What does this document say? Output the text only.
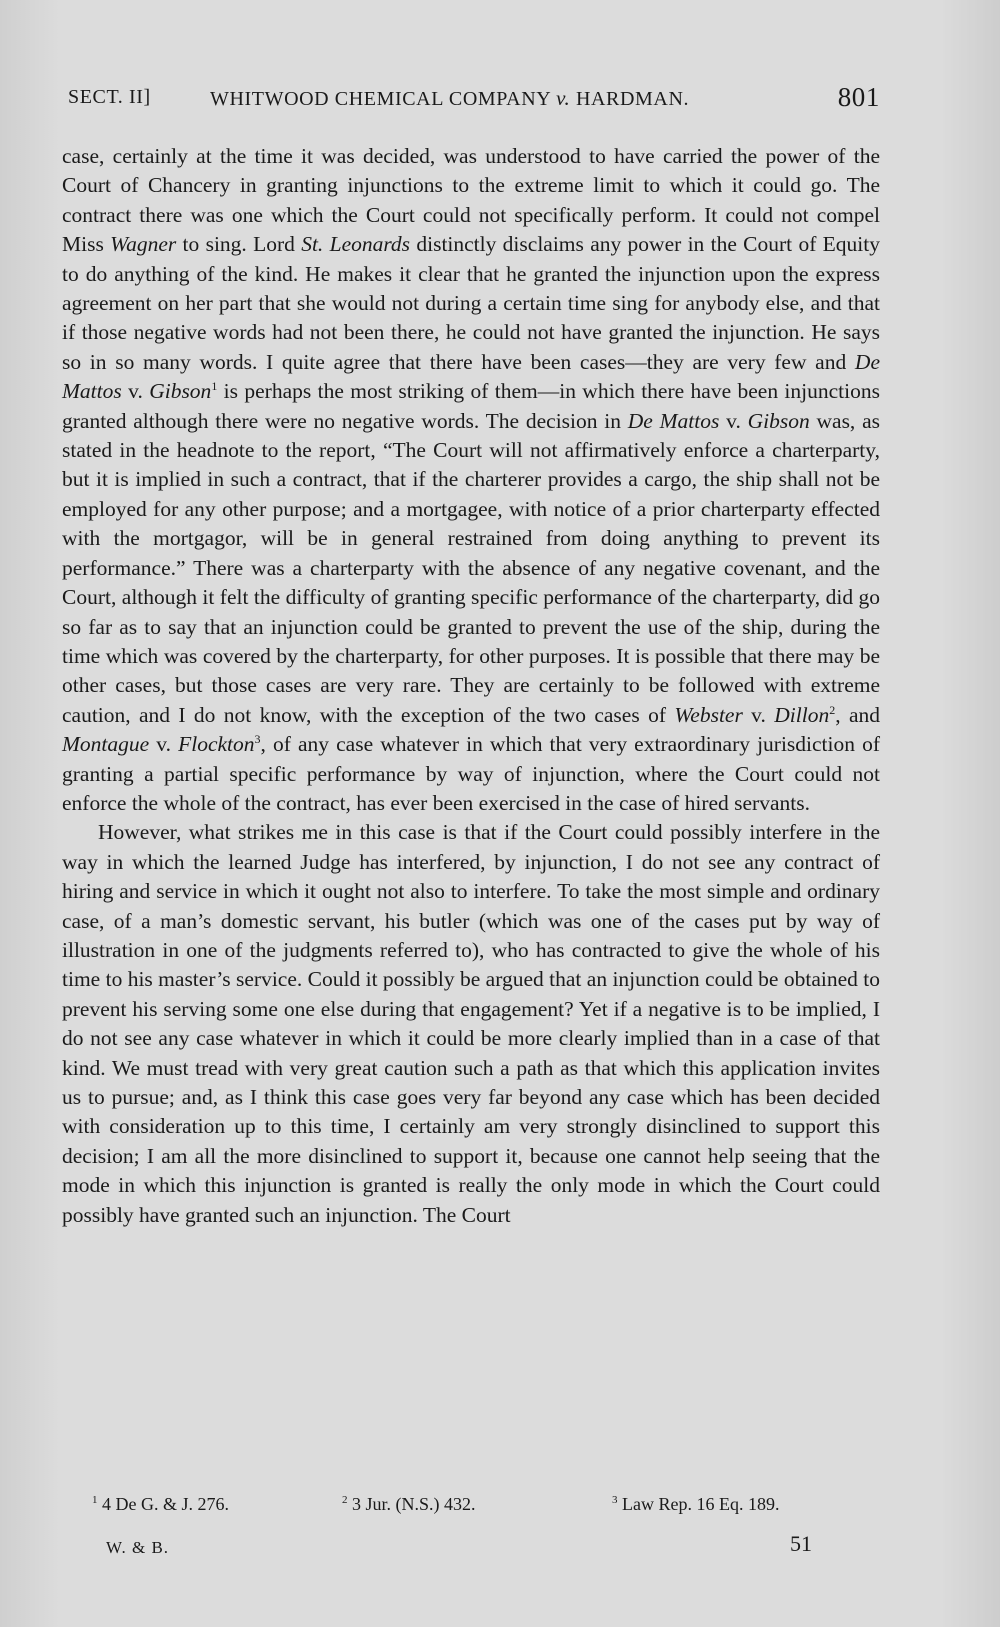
SECT. II]	WHITWOOD CHEMICAL COMPANY v. HARDMAN.	801

case, certainly at the time it was decided, was understood to have carried the power of the Court of Chancery in granting injunctions to the extreme limit to which it could go. The contract there was one which the Court could not specifically perform. It could not compel Miss Wagner to sing. Lord St. Leonards distinctly disclaims any power in the Court of Equity to do anything of the kind. He makes it clear that he granted the injunction upon the express agreement on her part that she would not during a certain time sing for anybody else, and that if those negative words had not been there, he could not have granted the injunction. He says so in so many words. I quite agree that there have been cases—they are very few and De Mattos v. Gibson$^1$ is perhaps the most striking of them—in which there have been injunctions granted although there were no negative words. The decision in De Mattos v. Gibson was, as stated in the headnote to the report, “The Court will not affirmatively enforce a charterparty, but it is implied in such a contract, that if the charterer provides a cargo, the ship shall not be employed for any other purpose; and a mortgagee, with notice of a prior charterparty effected with the mortgagor, will be in general restrained from doing anything to prevent its performance.” There was a charterparty with the absence of any negative covenant, and the Court, although it felt the difficulty of granting specific performance of the charterparty, did go so far as to say that an injunction could be granted to prevent the use of the ship, during the time which was covered by the charterparty, for other purposes. It is possible that there may be other cases, but those cases are very rare. They are certainly to be followed with extreme caution, and I do not know, with the exception of the two cases of Webster v. Dillon$^2$, and Montague v. Flockton$^3$, of any case whatever in which that very extraordinary jurisdiction of granting a partial specific performance by way of injunction, where the Court could not enforce the whole of the contract, has ever been exercised in the case of hired servants.

However, what strikes me in this case is that if the Court could possibly interfere in the way in which the learned Judge has interfered, by injunction, I do not see any contract of hiring and service in which it ought not also to interfere. To take the most simple and ordinary case, of a man’s domestic servant, his butler (which was one of the cases put by way of illustration in one of the judgments referred to), who has contracted to give the whole of his time to his master’s service. Could it possibly be argued that an injunction could be obtained to prevent his serving some one else during that engagement? Yet if a negative is to be implied, I do not see any case whatever in which it could be more clearly implied than in a case of that kind. We must tread with very great caution such a path as that which this application invites us to pursue; and, as I think this case goes very far beyond any case which has been decided with consideration up to this time, I certainly am very strongly disinclined to support this decision; I am all the more disinclined to support it, because one cannot help seeing that the mode in which this injunction is granted is really the only mode in which the Court could possibly have granted such an injunction. The Court

$^1$ 4 De G. & J. 276.	$^2$ 3 Jur. (N.S.) 432.	$^3$ Law Rep. 16 Eq. 189.
W. & B.	51
